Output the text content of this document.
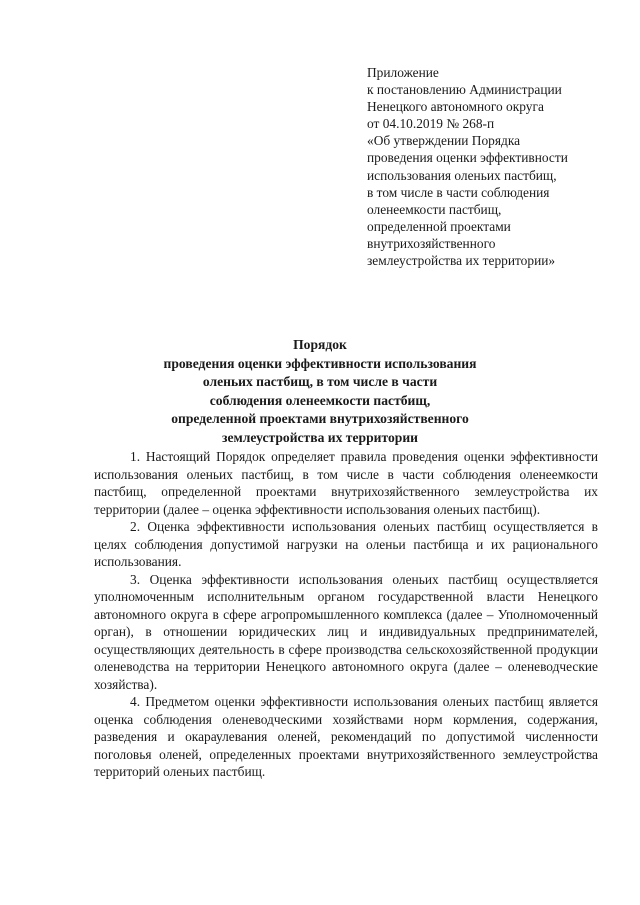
Приложение
к постановлению Администрации
Ненецкого автономного округа
от 04.10.2019 № 268-п
«Об утверждении Порядка
проведения оценки эффективности
использования оленьих пастбищ,
в том числе в части соблюдения
оленеемкости пастбищ,
определенной проектами
внутрихозяйственного
землеустройства их территории»
Порядок
проведения оценки эффективности использования
оленьих пастбищ, в том числе в части
соблюдения оленеемкости пастбищ,
определенной проектами внутрихозяйственного
землеустройства их территории

1. Настоящий Порядок определяет правила проведения оценки эффективности использования оленьих пастбищ, в том числе в части соблюдения оленеемкости пастбищ, определенной проектами внутрихозяйственного землеустройства их территории (далее – оценка эффективности использования оленьих пастбищ).

2. Оценка эффективности использования оленьих пастбищ осуществляется в целях соблюдения допустимой нагрузки на оленьи пастбища и их рационального использования.

3. Оценка эффективности использования оленьих пастбищ осуществляется уполномоченным исполнительным органом государственной власти Ненецкого автономного округа в сфере агропромышленного комплекса (далее – Уполномоченный орган), в отношении юридических лиц и индивидуальных предпринимателей, осуществляющих деятельность в сфере производства сельскохозяйственной продукции оленеводства на территории Ненецкого автономного округа (далее – оленеводческие хозяйства).

4. Предметом оценки эффективности использования оленьих пастбищ является оценка соблюдения оленеводческими хозяйствами норм кормления, содержания, разведения и окараулевания оленей, рекомендаций по допустимой численности поголовья оленей, определенных проектами внутрихозяйственного землеустройства территорий оленьих пастбищ.
